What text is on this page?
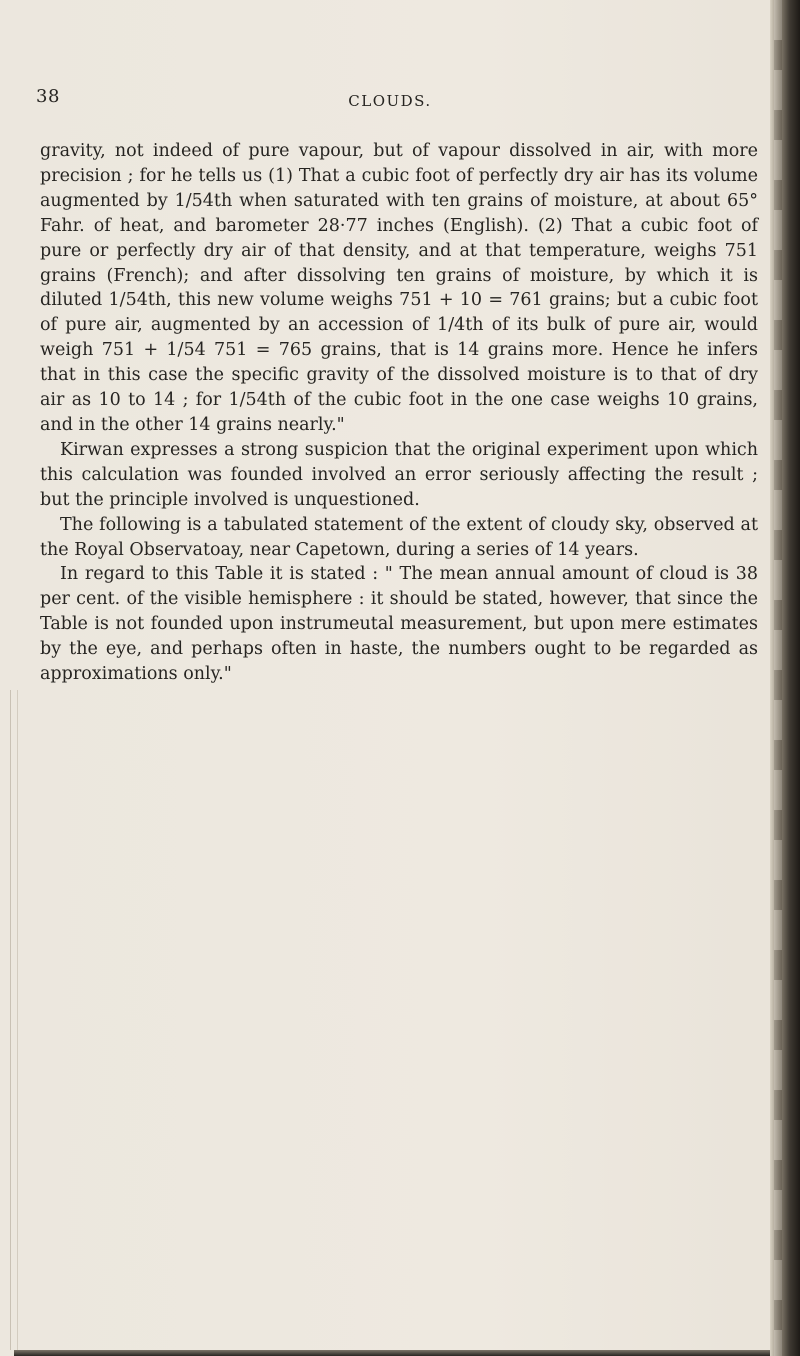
38	CLOUDS.

gravity, not indeed of pure vapour, but of vapour dissolved in air, with more precision ; for he tells us (1) That a cubic foot of perfectly dry air has its volume augmented by 1/54th when saturated with ten grains of moisture, at about 65° Fahr. of heat, and barometer 28·77 inches (English). (2) That a cubic foot of pure or perfectly dry air of that density, and at that temperature, weighs 751 grains (French); and after dissolving ten grains of moisture, by which it is diluted 1/54th, this new volume weighs 751 + 10 = 761 grains; but a cubic foot of pure air, augmented by an accession of 1/4th of its bulk of pure air, would weigh 751 + 1/54 751 = 765 grains, that is 14 grains more. Hence he infers that in this case the specific gravity of the dissolved moisture is to that of dry air as 10 to 14 ; for 1/54th of the cubic foot in the one case weighs 10 grains, and in the other 14 grains nearly."

Kirwan expresses a strong suspicion that the original experiment upon which this calculation was founded involved an error seriously affecting the result ; but the principle involved is unquestioned.

The following is a tabulated statement of the extent of cloudy sky, observed at the Royal Observatoay, near Capetown, during a series of 14 years.

In regard to this Table it is stated : " The mean annual amount of cloud is 38 per cent. of the visible hemisphere : it should be stated, however, that since the Table is not founded upon instrumeutal measurement, but upon mere estimates by the eye, and perhaps often in haste, the numbers ought to be regarded as approximations only."
